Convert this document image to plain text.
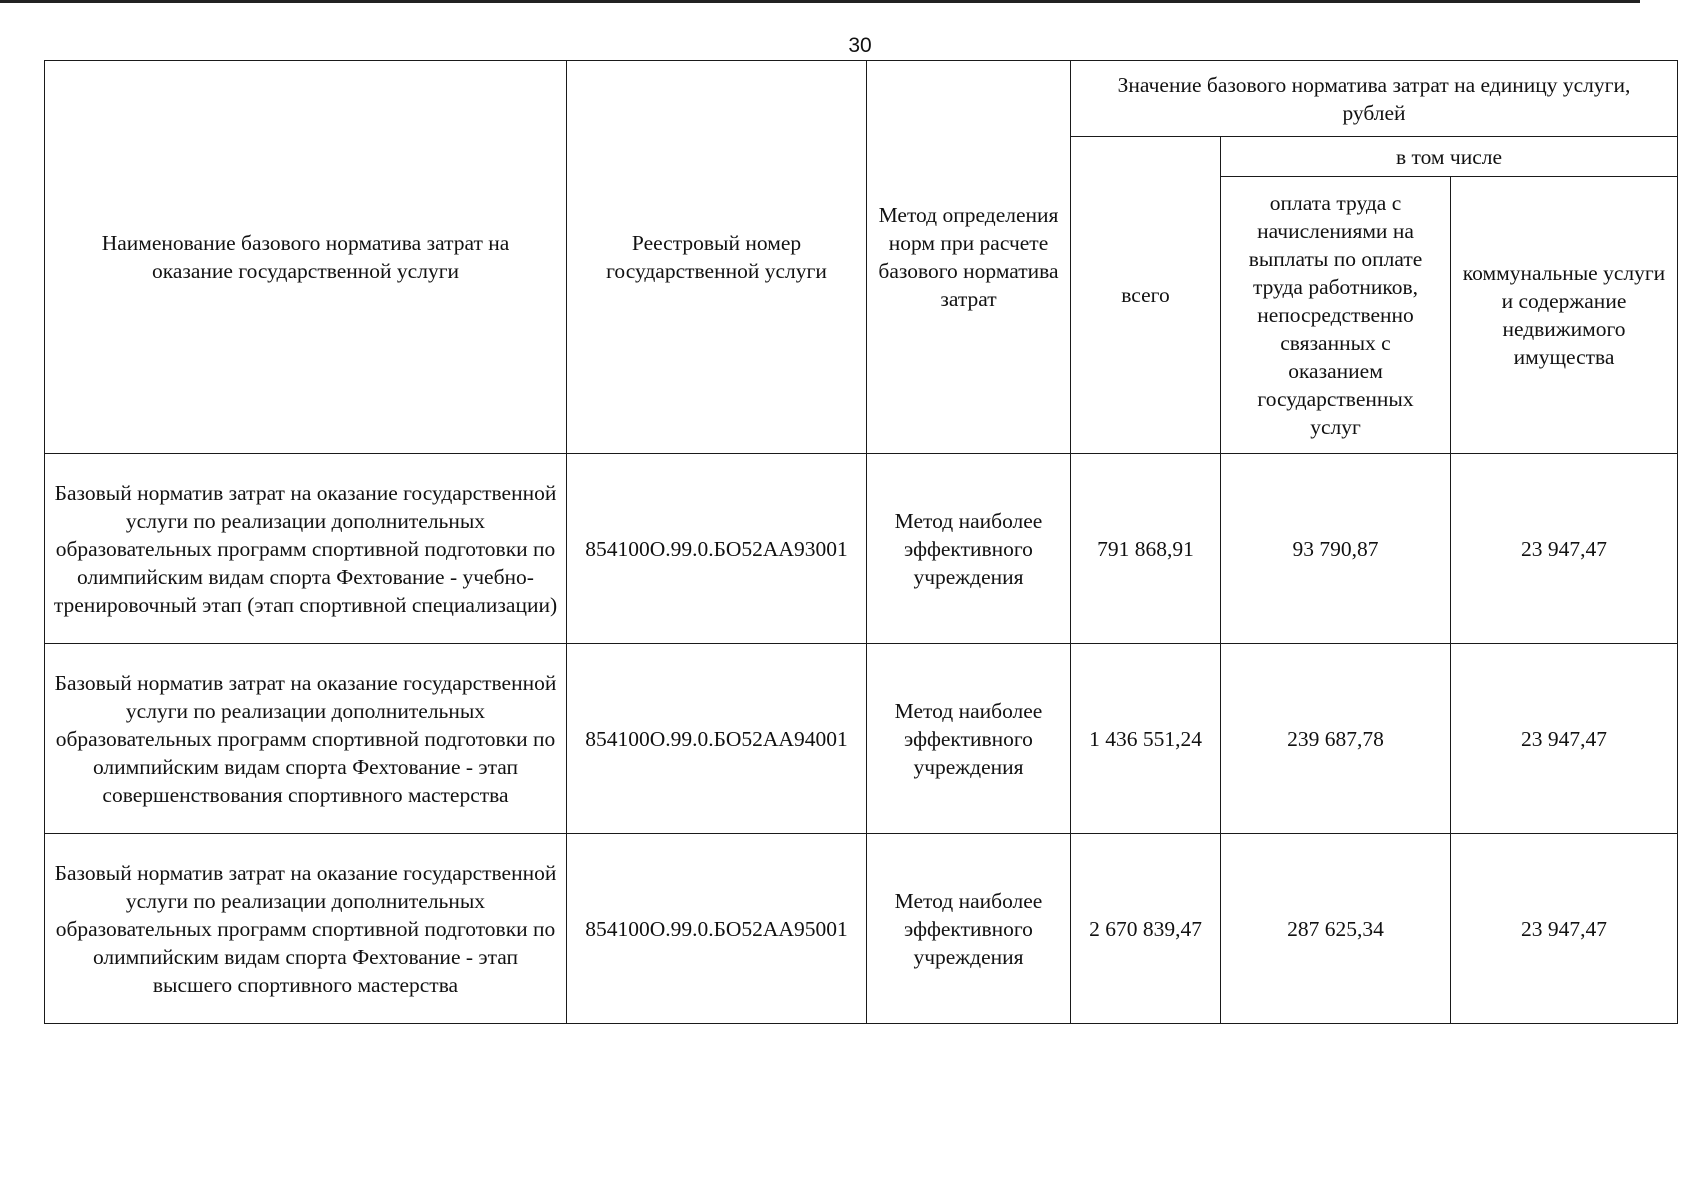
30
Наименование базового норматива затрат на оказание государственной услуги	Реестровый номер государственной услуги	Метод определения норм при расчете базового норматива затрат	Значение базового норматива затрат на единицу услуги, рублей		
			всего	в том числе	
				оплата труда с начислениями на выплаты по оплате труда работников, непосредственно связанных с оказанием государственных услуг	коммунальные услуги и содержание недвижимого имущества
Базовый норматив затрат на оказание государственной услуги по реализации дополнительных образовательных программ спортивной подготовки по олимпийским видам спорта Фехтование - учебно-тренировочный этап (этап спортивной специализации)	854100О.99.0.БО52АА93001	Метод наиболее эффективного учреждения	791 868,91	93 790,87	23 947,47
Базовый норматив затрат на оказание государственной услуги по реализации дополнительных образовательных программ спортивной подготовки по олимпийским видам спорта Фехтование - этап совершенствования спортивного мастерства	854100О.99.0.БО52АА94001	Метод наиболее эффективного учреждения	1 436 551,24	239 687,78	23 947,47
Базовый норматив затрат на оказание государственной услуги по реализации дополнительных образовательных программ спортивной подготовки по олимпийским видам спорта Фехтование - этап высшего спортивного мастерства	854100О.99.0.БО52АА95001	Метод наиболее эффективного учреждения	2 670 839,47	287 625,34	23 947,47
